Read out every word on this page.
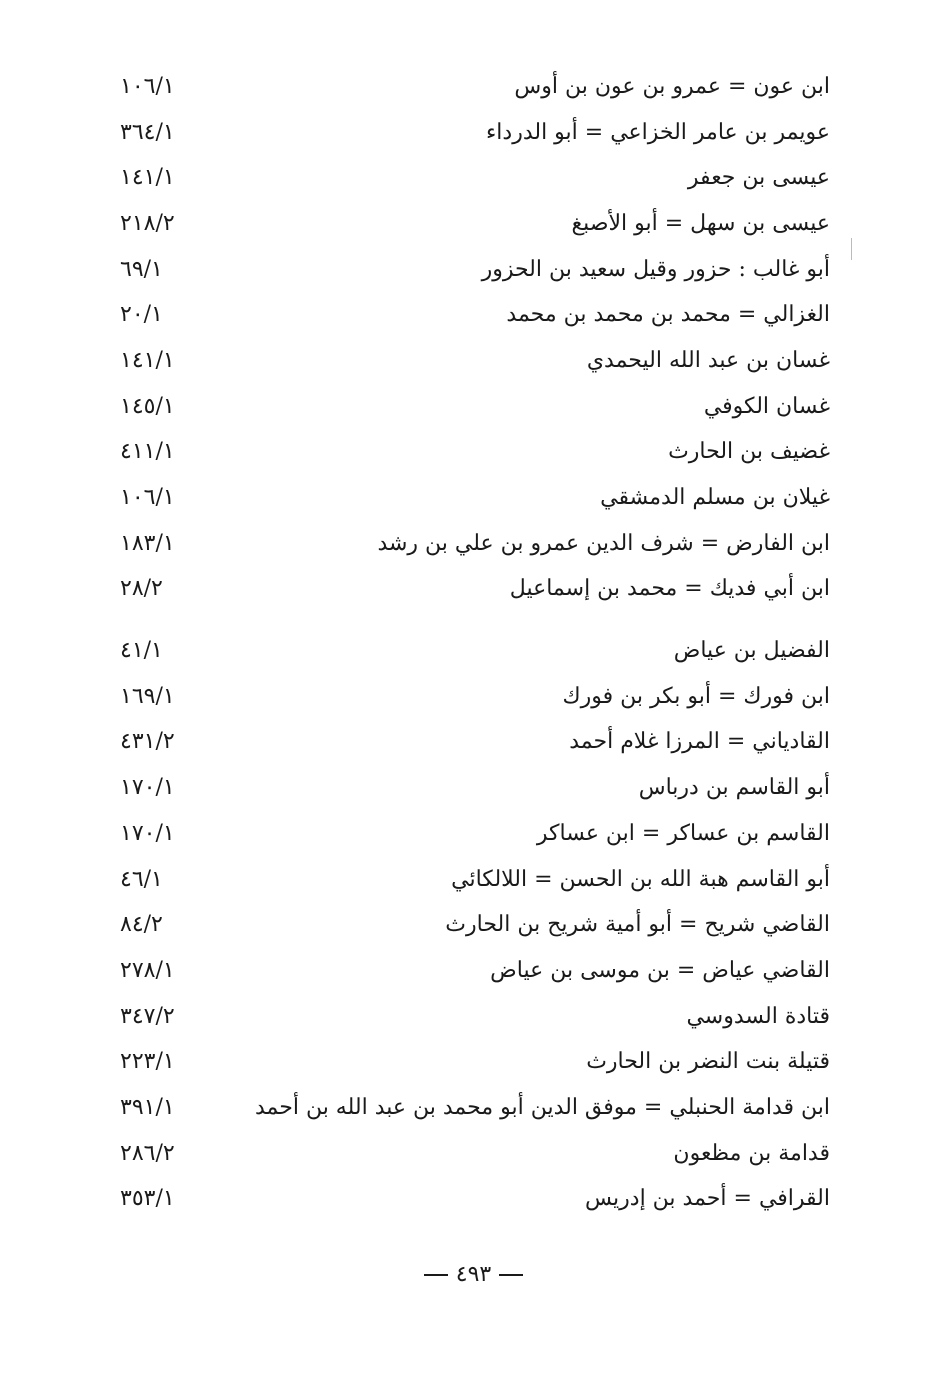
ابن عون = عمرو بن عون بن أوس
١٠٦/١
عويمر بن عامر الخزاعي = أبو الدرداء
٣٦٤/١
عيسى بن جعفر
١٤١/١
عيسى بن سهل = أبو الأصبغ
٢١٨/٢
أبو غالب : حزور وقيل سعيد بن الحزور
٦٩/١
الغزالي = محمد بن محمد بن محمد
٢٠/١
غسان بن عبد الله اليحمدي
١٤١/١
غسان الكوفي
١٤٥/١
غضيف بن الحارث
٤١١/١
غيلان بن مسلم الدمشقي
١٠٦/١
ابن الفارض = شرف الدين عمرو بن علي بن رشد
١٨٣/١
ابن أبي فديك = محمد بن إسماعيل
٢٨/٢
الفضيل بن عياض
٤١/١
ابن فورك = أبو بكر بن فورك
١٦٩/١
القادياني = المرزا غلام أحمد
٤٣١/٢
أبو القاسم بن درباس
١٧٠/١
القاسم بن عساكر = ابن عساكر
١٧٠/١
أبو القاسم هبة الله بن الحسن = اللالكائي
٤٦/١
القاضي شريح = أبو أمية شريح بن الحارث
٨٤/٢
القاضي عياض = بن موسى بن عياض
٢٧٨/١
قتادة السدوسي
٣٤٧/٢
قتيلة بنت النضر بن الحارث
٢٢٣/١
ابن قدامة الحنبلي = موفق الدين أبو محمد بن عبد الله بن أحمد
٣٩١/١
قدامة بن مظعون
٢٨٦/٢
القرافي = أحمد بن إدريس
٣٥٣/١
٤٩٣
